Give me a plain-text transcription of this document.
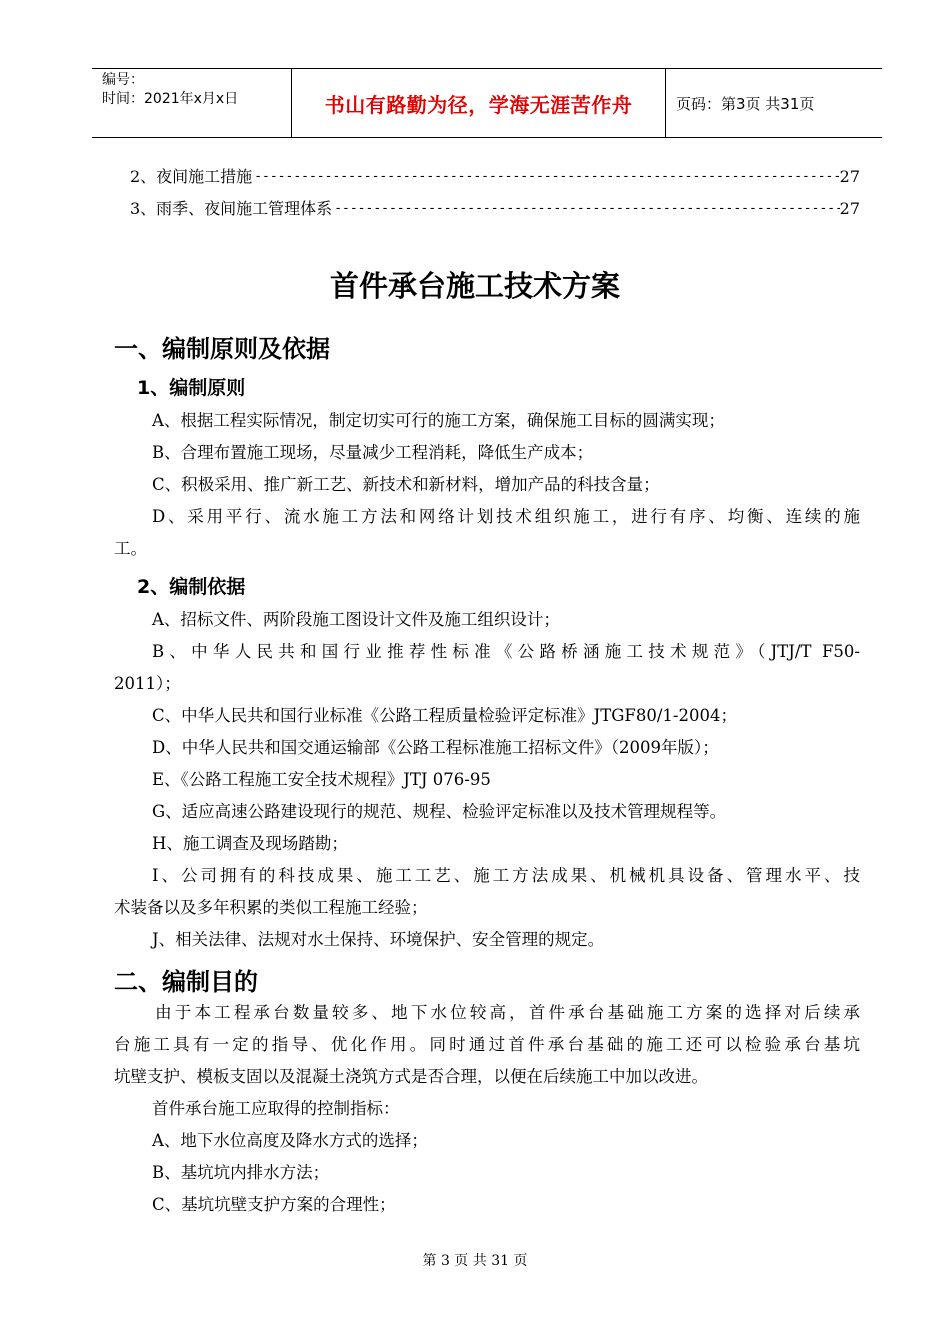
编号：
时间：2021年x月x日	书山有路勤为径，学海无涯苦作舟	页码：第3页 共31页
2、夜间施工措施 -----	27
3、雨季、夜间施工管理体系 -----	27
首件承台施工技术方案
一、编制原则及依据
1、编制原则
A、根据工程实际情况，制定切实可行的施工方案，确保施工目标的圆满实现；
B、合理布置施工现场，尽量减少工程消耗，降低生产成本；
C、积极采用、推广新工艺、新技术和新材料，增加产品的科技含量；
D、采用平行、流水施工方法和网络计划技术组织施工，进行有序、均衡、连续的施
工。
2、编制依据
A、招标文件、两阶段施工图设计文件及施工组织设计；
B、中华人民共和国行业推荐性标准《公路桥涵施工技术规范》（JTJ/T F50-
2011）；
C、中华人民共和国行业标准《公路工程质量检验评定标准》JTGF80/1-2004；
D、中华人民共和国交通运输部《公路工程标准施工招标文件》（2009年版）；
E、《公路工程施工安全技术规程》JTJ 076-95
G、适应高速公路建设现行的规范、规程、检验评定标准以及技术管理规程等。
H、施工调查及现场踏勘；
I、公司拥有的科技成果、施工工艺、施工方法成果、机械机具设备、管理水平、技
术装备以及多年积累的类似工程施工经验；
J、相关法律、法规对水土保持、环境保护、安全管理的规定。
二、编制目的
由于本工程承台数量较多、地下水位较高，首件承台基础施工方案的选择对后续承
台施工具有一定的指导、优化作用。同时通过首件承台基础的施工还可以检验承台基坑
坑壁支护、模板支固以及混凝土浇筑方式是否合理，以便在后续施工中加以改进。
首件承台施工应取得的控制指标：
A、地下水位高度及降水方式的选择；
B、基坑坑内排水方法；
C、基坑坑壁支护方案的合理性；
第 3 页 共 31 页
